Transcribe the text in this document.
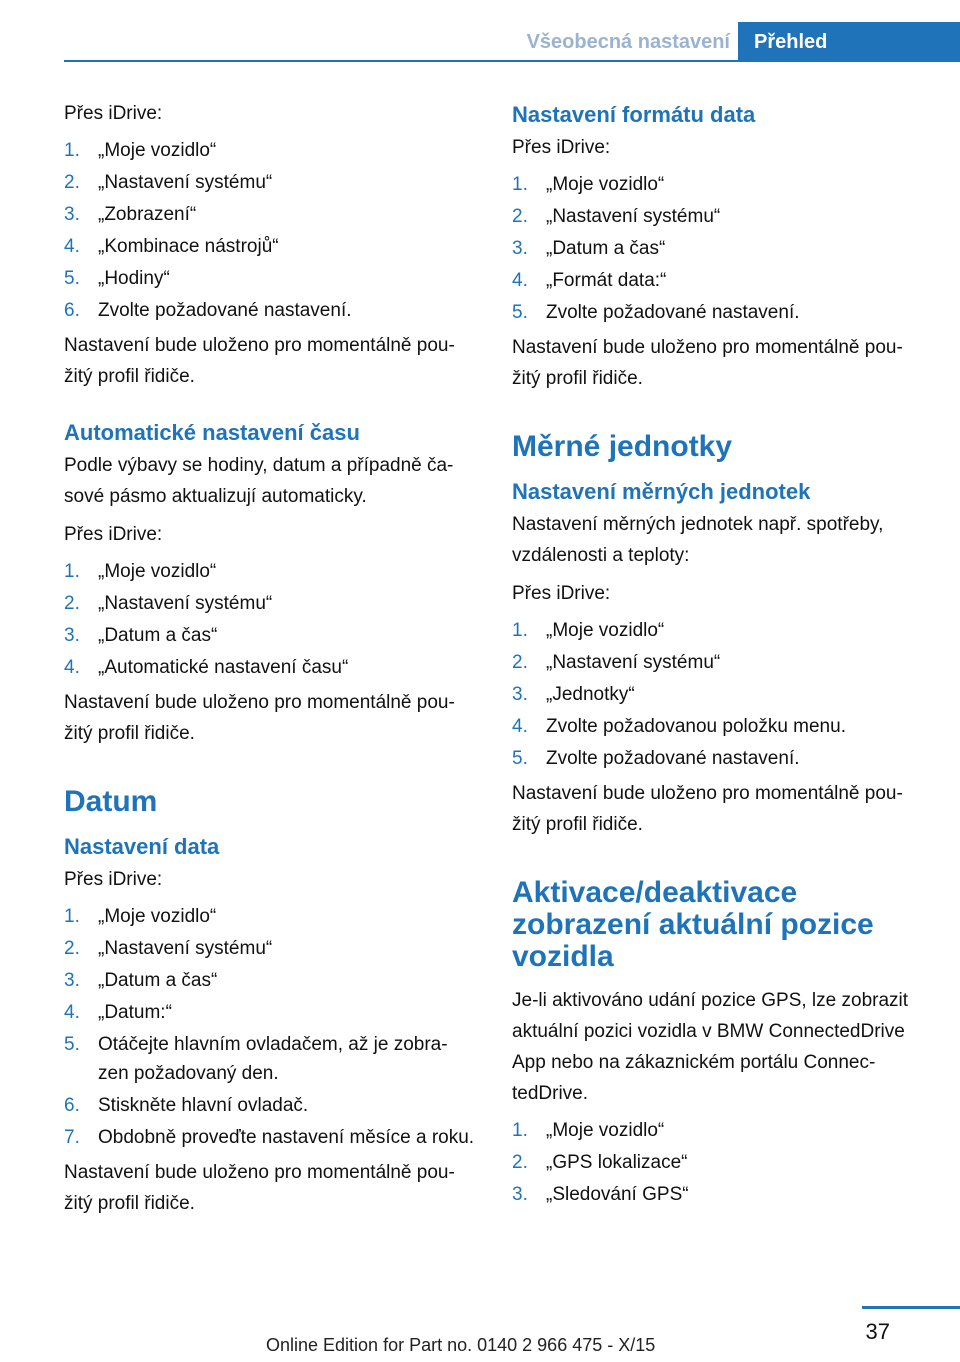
Všeobecná nastavení	Přehled

Přes iDrive:

1. „Moje vozidlo“
2. „Nastavení systému“
3. „Zobrazení“
4. „Kombinace nástrojů“
5. „Hodiny“
6. Zvolte požadované nastavení.

Nastavení bude uloženo pro momentálně pou-žitý profil řidiče.

Automatické nastavení času

Podle výbavy se hodiny, datum a případně ča-sové pásmo aktualizují automaticky.

Přes iDrive:

1. „Moje vozidlo“
2. „Nastavení systému“
3. „Datum a čas“
4. „Automatické nastavení času“

Nastavení bude uloženo pro momentálně pou-žitý profil řidiče.

Datum
Nastavení data

Přes iDrive:

1. „Moje vozidlo“
2. „Nastavení systému“
3. „Datum a čas“
4. „Datum:“
5. Otáčejte hlavním ovladačem, až je zobra-zen požadovaný den.
6. Stiskněte hlavní ovladač.
7. Obdobně proveďte nastavení měsíce a roku.

Nastavení bude uloženo pro momentálně pou-žitý profil řidiče.

Nastavení formátu data

Přes iDrive:

1. „Moje vozidlo“
2. „Nastavení systému“
3. „Datum a čas“
4. „Formát data:“
5. Zvolte požadované nastavení.

Nastavení bude uloženo pro momentálně pou-žitý profil řidiče.

Měrné jednotky
Nastavení měrných jednotek

Nastavení měrných jednotek např. spotřeby, vzdálenosti a teploty:

Přes iDrive:

1. „Moje vozidlo“
2. „Nastavení systému“
3. „Jednotky“
4. Zvolte požadovanou položku menu.
5. Zvolte požadované nastavení.

Nastavení bude uloženo pro momentálně pou-žitý profil řidiče.

Aktivace/deaktivace zobrazení aktuální pozice vozidla

Je-li aktivováno udání pozice GPS, lze zobrazit aktuální pozici vozidla v BMW ConnectedDrive App nebo na zákaznickém portálu Connec-tedDrive.

1. „Moje vozidlo“
2. „GPS lokalizace“
3. „Sledování GPS“
37
Online Edition for Part no. 0140 2 966 475 - X/15
